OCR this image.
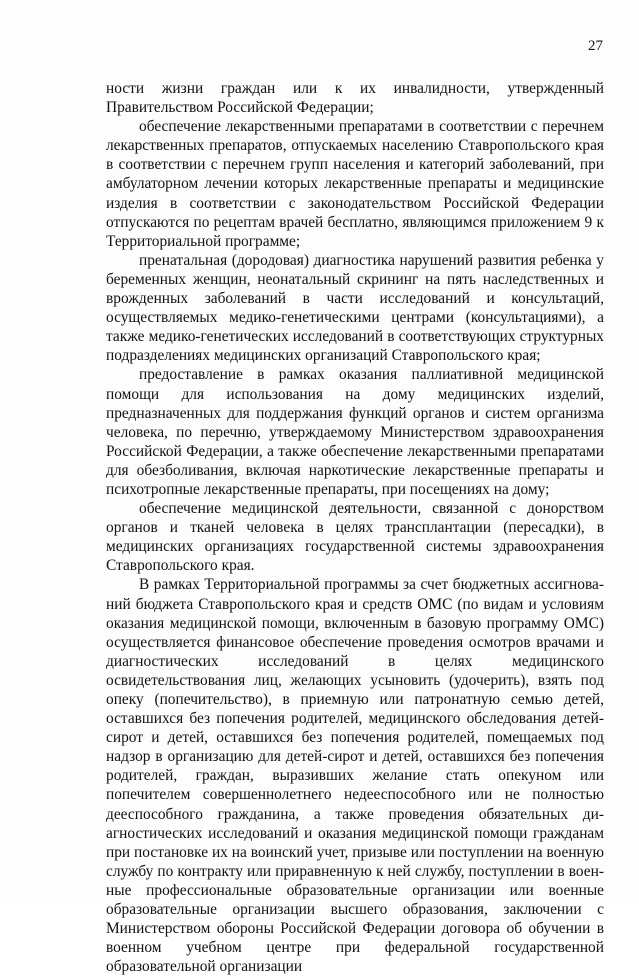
27

ности жизни граждан или к их инвалидности, утвержденный Правительством Российской Федерации;

обеспечение лекарственными препаратами в соответствии с перечнем лекарственных препаратов, отпускаемых населению Ставропольского края в соответствии с перечнем групп населения и категорий заболеваний, при амбулаторном лечении которых лекарственные препараты и медицинские изделия в соответствии с законодательством Российской Федерации отпускаются по рецептам врачей бесплатно, являющимся приложением 9 к Территориальной программе;

пренатальная (дородовая) диагностика нарушений развития ребенка у беременных женщин, неонатальный скрининг на пять наследственных и врожденных заболеваний в части исследований и консультаций, осуществляемых медико-генетическими центрами (консультациями), а также медико-генетических исследований в соответствующих структурных подразделениях медицинских организаций Ставропольского края;

предоставление в рамках оказания паллиативной медицинской помощи для использования на дому медицинских изделий, предназначенных для поддержания функций органов и систем организма человека, по перечню, утверждаемому Министерством здравоохранения Российской Федерации, а также обеспечение лекарственными препаратами для обезболивания, включая наркотические лекарственные препараты и психотропные лекарственные препараты, при посещениях на дому;

обеспечение медицинской деятельности, связанной с донорством органов и тканей человека в целях трансплантации (пересадки), в медицинских организациях государственной системы здравоохранения Ставропольского края.

В рамках Территориальной программы за счет бюджетных ассигнований бюджета Ставропольского края и средств ОМС (по видам и условиям оказания медицинской помощи, включенным в базовую программу ОМС) осуществляется финансовое обеспечение проведения осмотров врачами и диагностических исследований в целях медицинского освидетельствования лиц, желающих усыновить (удочерить), взять под опеку (попечительство), в приемную или патронатную семью детей, оставшихся без попечения родителей, медицинского обследования детей-сирот и детей, оставшихся без попечения родителей, помещаемых под надзор в организацию для детей-сирот и детей, оставшихся без попечения родителей, граждан, выразивших желание стать опекуном или попечителем совершеннолетнего недееспособного или не полностью дееспособного гражданина, а также проведения обязательных диагностических исследований и оказания медицинской помощи гражданам при постановке их на воинский учет, призыве или поступлении на военную службу по контракту или приравненную к ней службу, поступлении в военные профессиональные образовательные организации или военные образовательные организации высшего образования, заключении с Министерством обороны Российской Федерации договора об обучении в военном учебном центре при федеральной государственной образовательной организации
